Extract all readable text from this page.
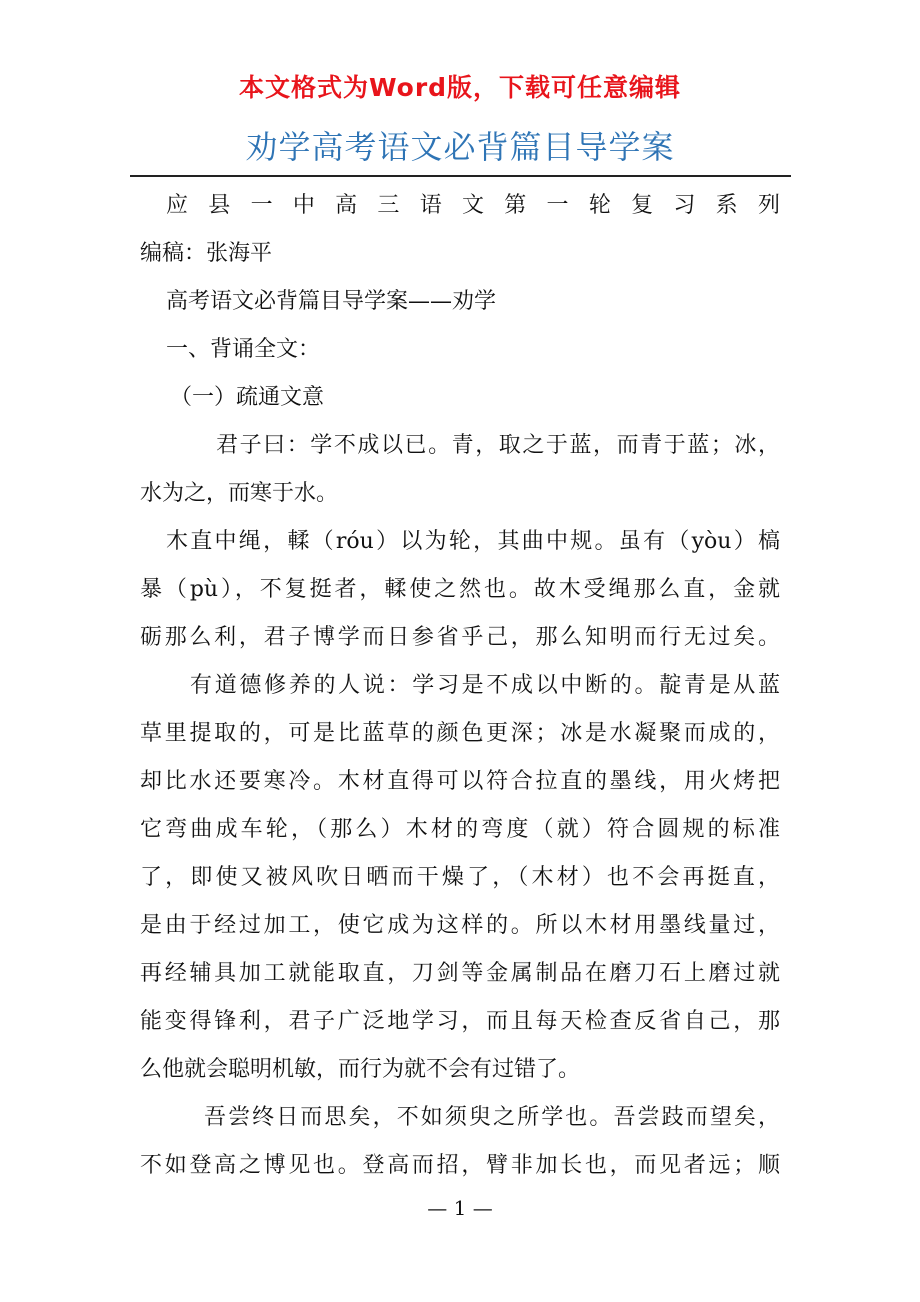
本文格式为Word版，下载可任意编辑
劝学高考语文必背篇目导学案
应 县 一 中 高 三 语 文 第 一 轮 复 习 系 列
编稿：张海平
高考语文必背篇目导学案——劝学
一、背诵全文：
（一）疏通文意
君子曰：学不成以已。青，取之于蓝，而青于蓝；冰，
水为之，而寒于水。
木直中绳，輮（róu）以为轮，其曲中规。虽有（yòu）槁
暴（pù），不复挺者，輮使之然也。故木受绳那么直，金就
砺那么利，君子博学而日参省乎己，那么知明而行无过矣。
有道德修养的人说：学习是不成以中断的。靛青是从蓝
草里提取的，可是比蓝草的颜色更深；冰是水凝聚而成的，
却比水还要寒冷。木材直得可以符合拉直的墨线，用火烤把
它弯曲成车轮，（那么）木材的弯度（就）符合圆规的标准
了，即使又被风吹日晒而干燥了，（木材）也不会再挺直，
是由于经过加工，使它成为这样的。所以木材用墨线量过，
再经辅具加工就能取直，刀剑等金属制品在磨刀石上磨过就
能变得锋利，君子广泛地学习，而且每天检查反省自己，那
么他就会聪明机敏，而行为就不会有过错了。
吾尝终日而思矣，不如须臾之所学也。吾尝跂而望矣，
不如登高之博见也。登高而招，臂非加长也，而见者远；顺
— 1 —
